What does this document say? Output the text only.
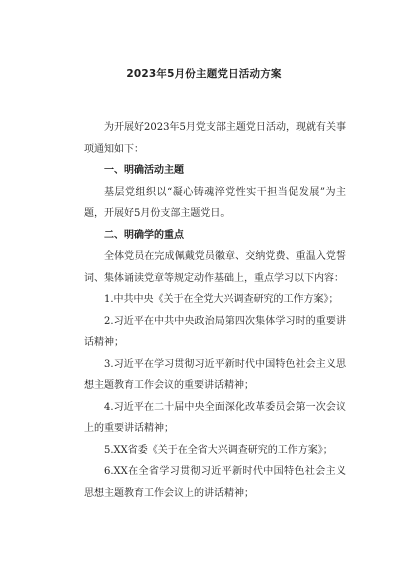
2023年5月份主题党日活动方案

为开展好2023年5月党支部主题党日活动，现就有关事项通知如下：

一、明确活动主题

基层党组织以“凝心铸魂淬党性实干担当促发展”为主题，开展好5月份支部主题党日。

二、明确学的重点

全体党员在完成佩戴党员徽章、交纳党费、重温入党誓词、集体诵读党章等规定动作基础上，重点学习以下内容：

1.中共中央《关于在全党大兴调查研究的工作方案》；

2.习近平在中共中央政治局第四次集体学习时的重要讲话精神；

3.习近平在学习贯彻习近平新时代中国特色社会主义思想主题教育工作会议的重要讲话精神；

4.习近平在二十届中央全面深化改革委员会第一次会议上的重要讲话精神；

5.XX省委《关于在全省大兴调查研究的工作方案》；

6.XX在全省学习贯彻习近平新时代中国特色社会主义思想主题教育工作会议上的讲话精神；
